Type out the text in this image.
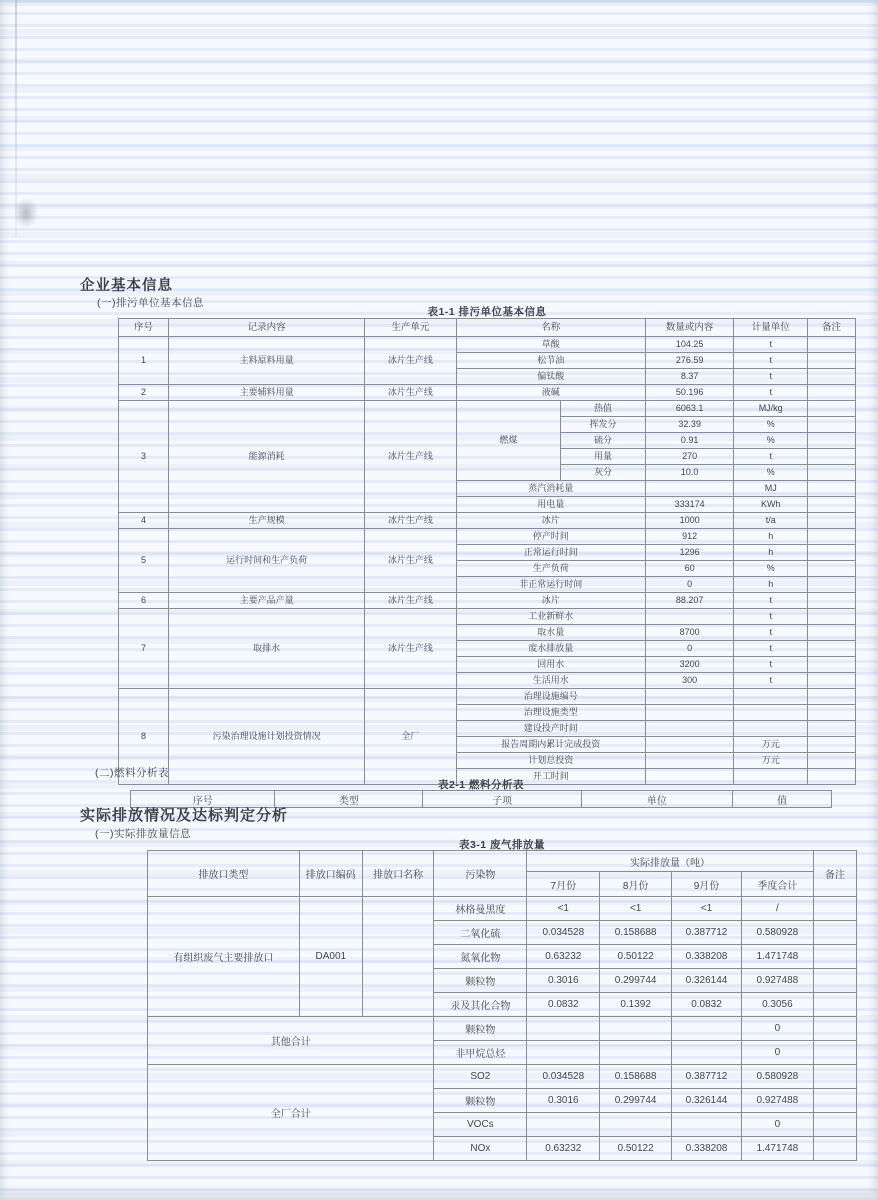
企业基本信息
(一)排污单位基本信息
表1-1 排污单位基本信息
序号	记录内容	生产单元	名称		数量或内容	计量单位	备注
1	主料原料用量	冰片生产线	草酸		104.25	t	
			松节油		276.59	t	
			偏钛酸		8.37	t	
2	主要辅料用量	冰片生产线	液碱		50.196	t	
3	能源消耗	冰片生产线	燃煤	热值	6063.1	MJ/kg	
				挥发分	32.39	%	
				硫分	0.91	%	
				用量	270	t	
				灰分	10.0	%	
			蒸汽消耗量			MJ	
			用电量		333174	KWh	
4	生产规模	冰片生产线	冰片		1000	t/a	
5	运行时间和生产负荷	冰片生产线	停产时间		912	h	
			正常运行时间		1296	h	
			生产负荷		60	%	
			非正常运行时间		0	h	
6	主要产品产量	冰片生产线	冰片		88.207	t	
7	取排水	冰片生产线	工业新鲜水			t	
			取水量		8700	t	
			废水排放量		0	t	
			回用水		3200	t	
			生活用水		300	t	
8	污染治理设施计划投资情况	全厂	治理设施编号				
			治理设施类型				
			建设投产时间				
			报告周期内累计完成投资			万元	
			计划总投资			万元	
			开工时间				
(二)燃料分析表
表2-1 燃料分析表
序号	类型	子项	单位	值
实际排放情况及达标判定分析
(一)实际排放量信息
表3-1 废气排放量
排放口类型	排放口编码	排放口名称	污染物	实际排放量（吨）				备注
				7月份	8月份	9月份	季度合计	
有组织废气主要排放口	DA001		林格曼黑度	<1	<1	<1	/	
			二氧化硫	0.034528	0.158688	0.387712	0.580928	
			氮氧化物	0.63232	0.50122	0.338208	1.471748	
			颗粒物	0.3016	0.299744	0.326144	0.927488	
			汞及其化合物	0.0832	0.1392	0.0832	0.3056	
其他合计			颗粒物				0	
			非甲烷总烃				0	
全厂合计			SO2	0.034528	0.158688	0.387712	0.580928	
			颗粒物	0.3016	0.299744	0.326144	0.927488	
			VOCs				0	
			NOx	0.63232	0.50122	0.338208	1.471748	
